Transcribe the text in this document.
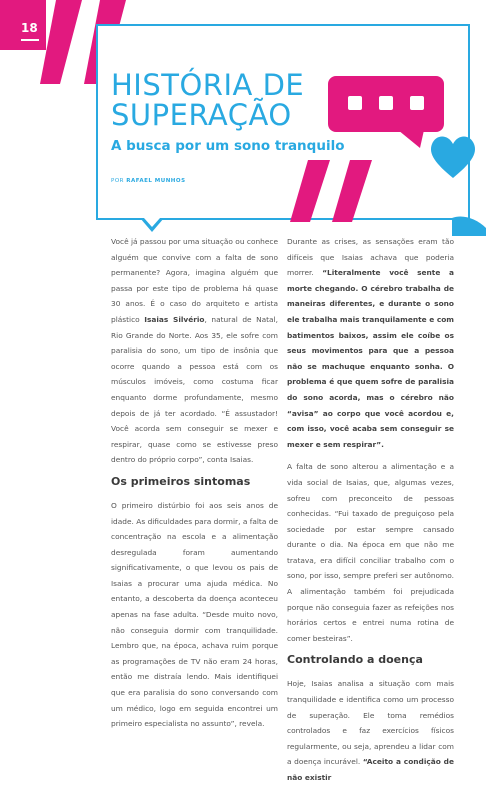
18
HISTÓRIA DE
SUPERAÇÃO
A busca por um sono tranquilo
POR RAFAEL MUNHOS

Você já passou por uma situação ou conhece alguém que convive com a falta de sono permanente? Agora, imagina alguém que passa por este tipo de problema há quase 30 anos. É o caso do arquiteto e artista plástico Isaias Silvério, natural de Natal, Rio Grande do Norte. Aos 35, ele sofre com paralisia do sono, um tipo de insônia que ocorre quando a pessoa está com os músculos imóveis, como costuma ficar enquanto dorme profundamente, mesmo depois de já ter acordado. “É assustador! Você acorda sem conseguir se mexer e respirar, quase como se estivesse preso dentro do próprio corpo”, conta Isaias.

Os primeiros sintomas

O primeiro distúrbio foi aos seis anos de idade. As dificuldades para dormir, a falta de concentração na escola e a alimentação desregulada foram aumentando significativamente, o que levou os pais de Isaias a procurar uma ajuda médica. No entanto, a descoberta da doença aconteceu apenas na fase adulta. “Desde muito novo, não conseguia dormir com tranquilidade. Lembro que, na época, achava ruim porque as programações de TV não eram 24 horas, então me distraía lendo. Mais identifiquei que era paralisia do sono conversando com um médico, logo em seguida encontrei um primeiro especialista no assunto”, revela.

Durante as crises, as sensações eram tão difíceis que Isaias achava que poderia morrer. “Literalmente você sente a morte chegando. O cérebro trabalha de maneiras diferentes, e durante o sono ele trabalha mais tranquilamente e com batimentos baixos, assim ele coíbe os seus movimentos para que a pessoa não se machuque enquanto sonha. O problema é que quem sofre de paralisia do sono acorda, mas o cérebro não “avisa” ao corpo que você acordou e, com isso, você acaba sem conseguir se mexer e sem respirar”.

A falta de sono alterou a alimentação e a vida social de Isaias, que, algumas vezes, sofreu com preconceito de pessoas conhecidas. “Fui taxado de preguiçoso pela sociedade por estar sempre cansado durante o dia. Na época em que não me tratava, era difícil conciliar trabalho com o sono, por isso, sempre preferi ser autônomo. A alimentação também foi prejudicada porque não conseguia fazer as refeições nos horários certos e entrei numa rotina de comer besteiras”.

Controlando a doença

Hoje, Isaias analisa a situação com mais tranquilidade e identifica como um processo de superação. Ele toma remédios controlados e faz exercícios físicos regularmente, ou seja, aprendeu a lidar com a doença incurável. “Aceito a condição de não existir
